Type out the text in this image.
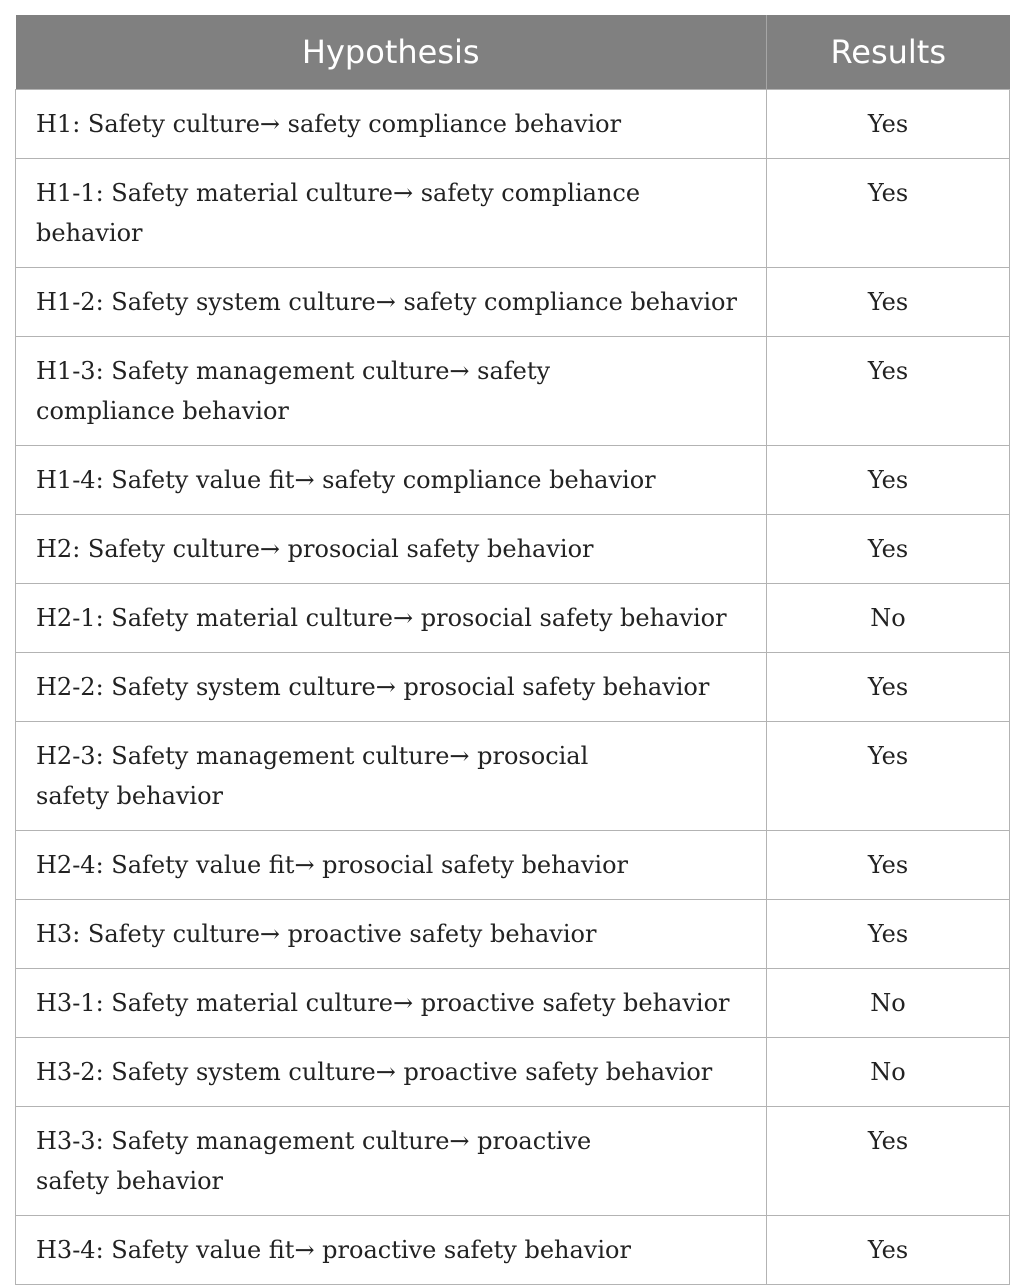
Hypothesis	Results

H1: Safety culture→ safety compliance behavior	Yes

H1-1: Safety material culture→ safety compliance behavior	Yes

H1-2: Safety system culture→ safety compliance behavior	Yes

H1-3: Safety management culture→ safety
compliance behavior	Yes

H1-4: Safety value fit→ safety compliance behavior	Yes

H2: Safety culture→ prosocial safety behavior	Yes

H2-1: Safety material culture→ prosocial safety behavior	No

H2-2: Safety system culture→ prosocial safety behavior	Yes

H2-3: Safety management culture→ prosocial
safety behavior	Yes

H2-4: Safety value fit→ prosocial safety behavior	Yes

H3: Safety culture→ proactive safety behavior	Yes

H3-1: Safety material culture→ proactive safety behavior	No

H3-2: Safety system culture→ proactive safety behavior	No

H3-3: Safety management culture→ proactive
safety behavior	Yes

H3-4: Safety value fit→ proactive safety behavior	Yes
